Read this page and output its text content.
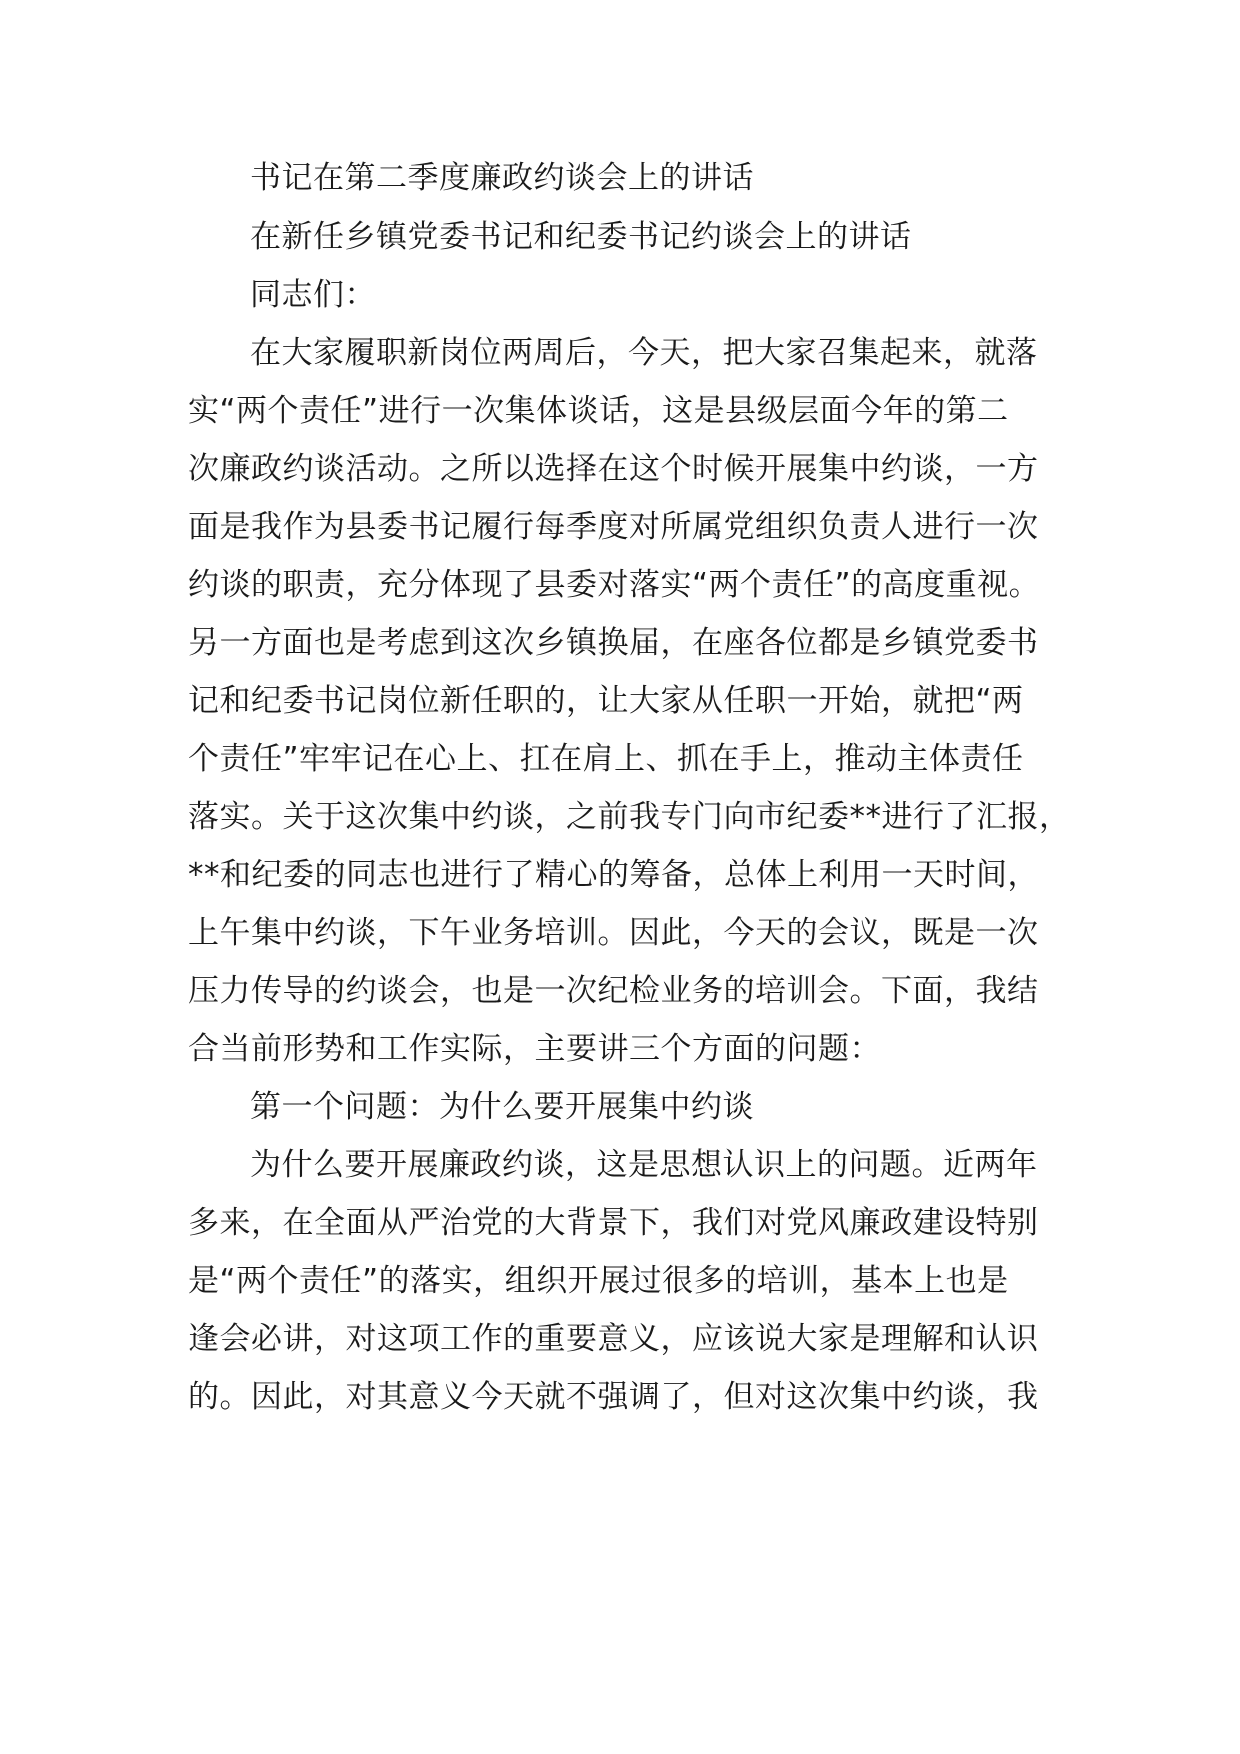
书记在第二季度廉政约谈会上的讲话
在新任乡镇党委书记和纪委书记约谈会上的讲话
同志们：
在大家履职新岗位两周后，今天，把大家召集起来，就落
实“两个责任”进行一次集体谈话，这是县级层面今年的第二
次廉政约谈活动。之所以选择在这个时候开展集中约谈，一方
面是我作为县委书记履行每季度对所属党组织负责人进行一次
约谈的职责，充分体现了县委对落实“两个责任”的高度重视。
另一方面也是考虑到这次乡镇换届，在座各位都是乡镇党委书
记和纪委书记岗位新任职的，让大家从任职一开始，就把“两
个责任”牢牢记在心上、扛在肩上、抓在手上，推动主体责任
落实。关于这次集中约谈，之前我专门向市纪委**进行了汇报，
**和纪委的同志也进行了精心的筹备，总体上利用一天时间，
上午集中约谈，下午业务培训。因此，今天的会议，既是一次
压力传导的约谈会，也是一次纪检业务的培训会。下面，我结
合当前形势和工作实际，主要讲三个方面的问题：
第一个问题：为什么要开展集中约谈
为什么要开展廉政约谈，这是思想认识上的问题。近两年
多来，在全面从严治党的大背景下，我们对党风廉政建设特别
是“两个责任”的落实，组织开展过很多的培训，基本上也是
逢会必讲，对这项工作的重要意义，应该说大家是理解和认识
的。因此，对其意义今天就不强调了，但对这次集中约谈，我
